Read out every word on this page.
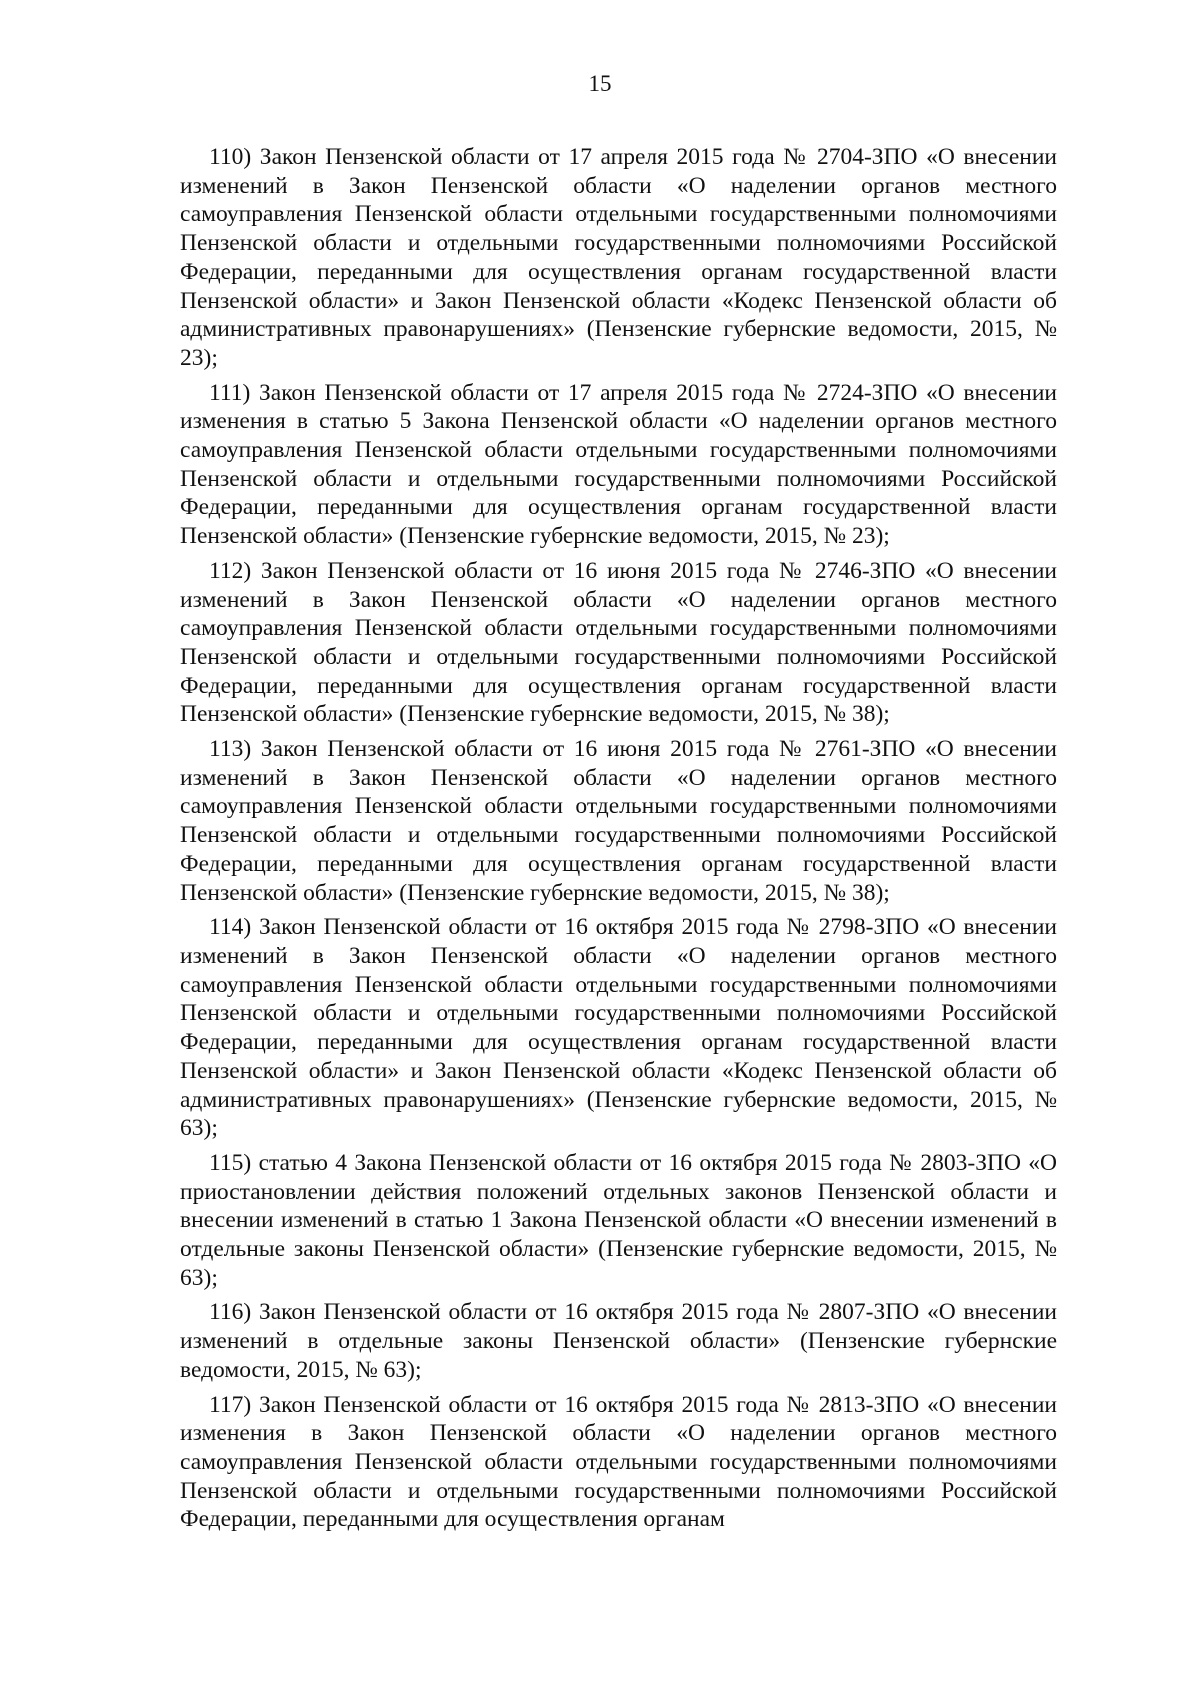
15

110) Закон Пензенской области от 17 апреля 2015 года № 2704-ЗПО «О внесении изменений в Закон Пензенской области «О наделении органов местного самоуправления Пензенской области отдельными государственными полномочиями Пензенской области и отдельными государственными полномочиями Российской Федерации, переданными для осуществления органам государственной власти Пензенской области» и Закон Пензенской области «Кодекс Пензенской области об административных правонарушениях» (Пензенские губернские ведомости, 2015, № 23);

111) Закон Пензенской области от 17 апреля 2015 года № 2724-ЗПО «О внесении изменения в статью 5 Закона Пензенской области «О наделении органов местного самоуправления Пензенской области отдельными государственными полномочиями Пензенской области и отдельными государственными полномочиями Российской Федерации, переданными для осуществления органам государственной власти Пензенской области» (Пензенские губернские ведомости, 2015, № 23);

112) Закон Пензенской области от 16 июня 2015 года № 2746-ЗПО «О внесении изменений в Закон Пензенской области «О наделении органов местного самоуправления Пензенской области отдельными государственными полномочиями Пензенской области и отдельными государственными полномочиями Российской Федерации, переданными для осуществления органам государственной власти Пензенской области» (Пензенские губернские ведомости, 2015, № 38);

113) Закон Пензенской области от 16 июня 2015 года № 2761-ЗПО «О внесении изменений в Закон Пензенской области «О наделении органов местного самоуправления Пензенской области отдельными государственными полномочиями Пензенской области и отдельными государственными полномочиями Российской Федерации, переданными для осуществления органам государственной власти Пензенской области» (Пензенские губернские ведомости, 2015, № 38);

114) Закон Пензенской области от 16 октября 2015 года № 2798-ЗПО «О внесении изменений в Закон Пензенской области «О наделении органов местного самоуправления Пензенской области отдельными государственными полномочиями Пензенской области и отдельными государственными полномочиями Российской Федерации, переданными для осуществления органам государственной власти Пензенской области» и Закон Пензенской области «Кодекс Пензенской области об административных правонарушениях» (Пензенские губернские ведомости, 2015, № 63);

115) статью 4 Закона Пензенской области от 16 октября 2015 года № 2803-ЗПО «О приостановлении действия положений отдельных законов Пензенской области и внесении изменений в статью 1 Закона Пензенской области «О внесении изменений в отдельные законы Пензенской области» (Пензенские губернские ведомости, 2015, № 63);

116) Закон Пензенской области от 16 октября 2015 года № 2807-ЗПО «О внесении изменений в отдельные законы Пензенской области» (Пензенские губернские ведомости, 2015, № 63);

117) Закон Пензенской области от 16 октября 2015 года № 2813-ЗПО «О внесении изменения в Закон Пензенской области «О наделении органов местного самоуправления Пензенской области отдельными государственными полномочиями Пензенской области и отдельными государственными полномочиями Российской Федерации, переданными для осуществления органам
